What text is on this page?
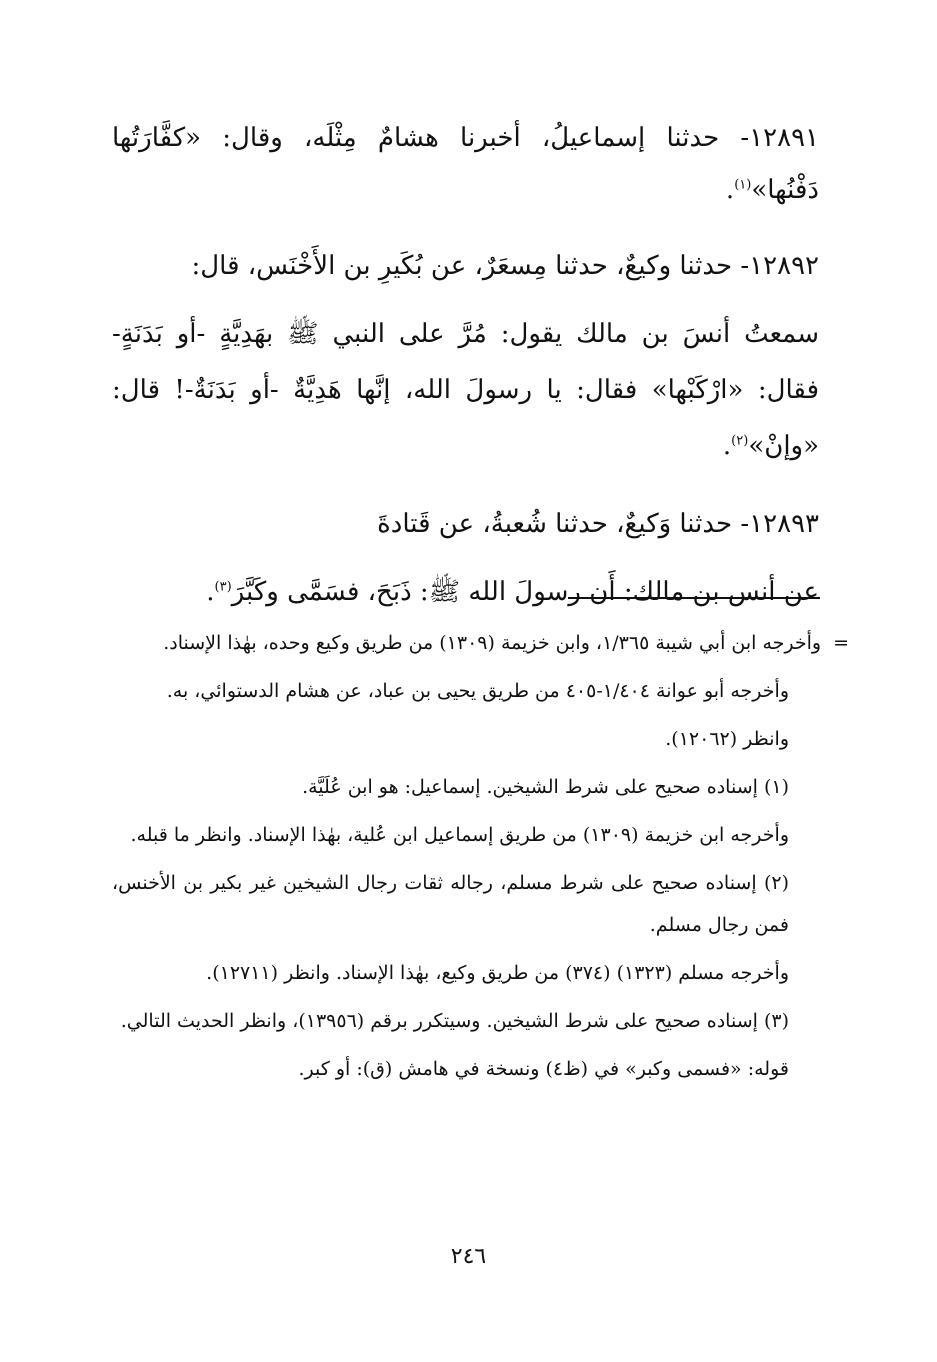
١٢٨٩١- حدثنا إسماعيلُ، أخبرنا هشامٌ مِثْلَه، وقال: «كفَّارَتُها دَفْنُها»$^{(١)}$.

١٢٨٩٢- حدثنا وكيعٌ، حدثنا مِسعَرٌ، عن بُكَيرِ بن الأَخْنَس، قال:

سمعتُ أنسَ بن مالك يقول: مُرَّ على النبي ﷺ بهَدِيَّةٍ -أو بَدَنَةٍ- فقال: «ارْكَبْها» فقال: يا رسولَ الله، إنَّها هَدِيَّةٌ -أو بَدَنَةٌ-! قال: «وإنْ»$^{(٢)}$.

١٢٨٩٣- حدثنا وَكيعٌ، حدثنا شُعبةُ، عن قَتادةَ

عن أنس بن مالك: أَن رسولَ الله ﷺ: ذَبَحَ، فسَمَّى وكَبَّرَ$^{(٣)}$.

=وأخرجه ابن أبي شيبة ١/٣٦٥، وابن خزيمة (١٣٠٩) من طريق وكيع وحده، بهٰذا الإسناد.

وأخرجه أبو عوانة ١/٤٠٤-٤٠٥ من طريق يحيى بن عباد، عن هشام الدستوائي، به.

وانظر (١٢٠٦٢).

(١) إسناده صحيح على شرط الشيخين. إسماعيل: هو ابن عُلَيَّة.

وأخرجه ابن خزيمة (١٣٠٩) من طريق إسماعيل ابن عُلية، بهٰذا الإسناد. وانظر ما قبله.

(٢) إسناده صحيح على شرط مسلم، رجاله ثقات رجال الشيخين غير بكير بن الأخنس، فمن رجال مسلم.

وأخرجه مسلم (١٣٢٣) (٣٧٤) من طريق وكيع، بهٰذا الإسناد. وانظر (١٢٧١١).

(٣) إسناده صحيح على شرط الشيخين. وسيتكرر برقم (١٣٩٥٦)، وانظر الحديث التالي.

قوله: «فسمى وكبر» في (ظ٤) ونسخة في هامش (ق): أو كبر.

٢٤٦
